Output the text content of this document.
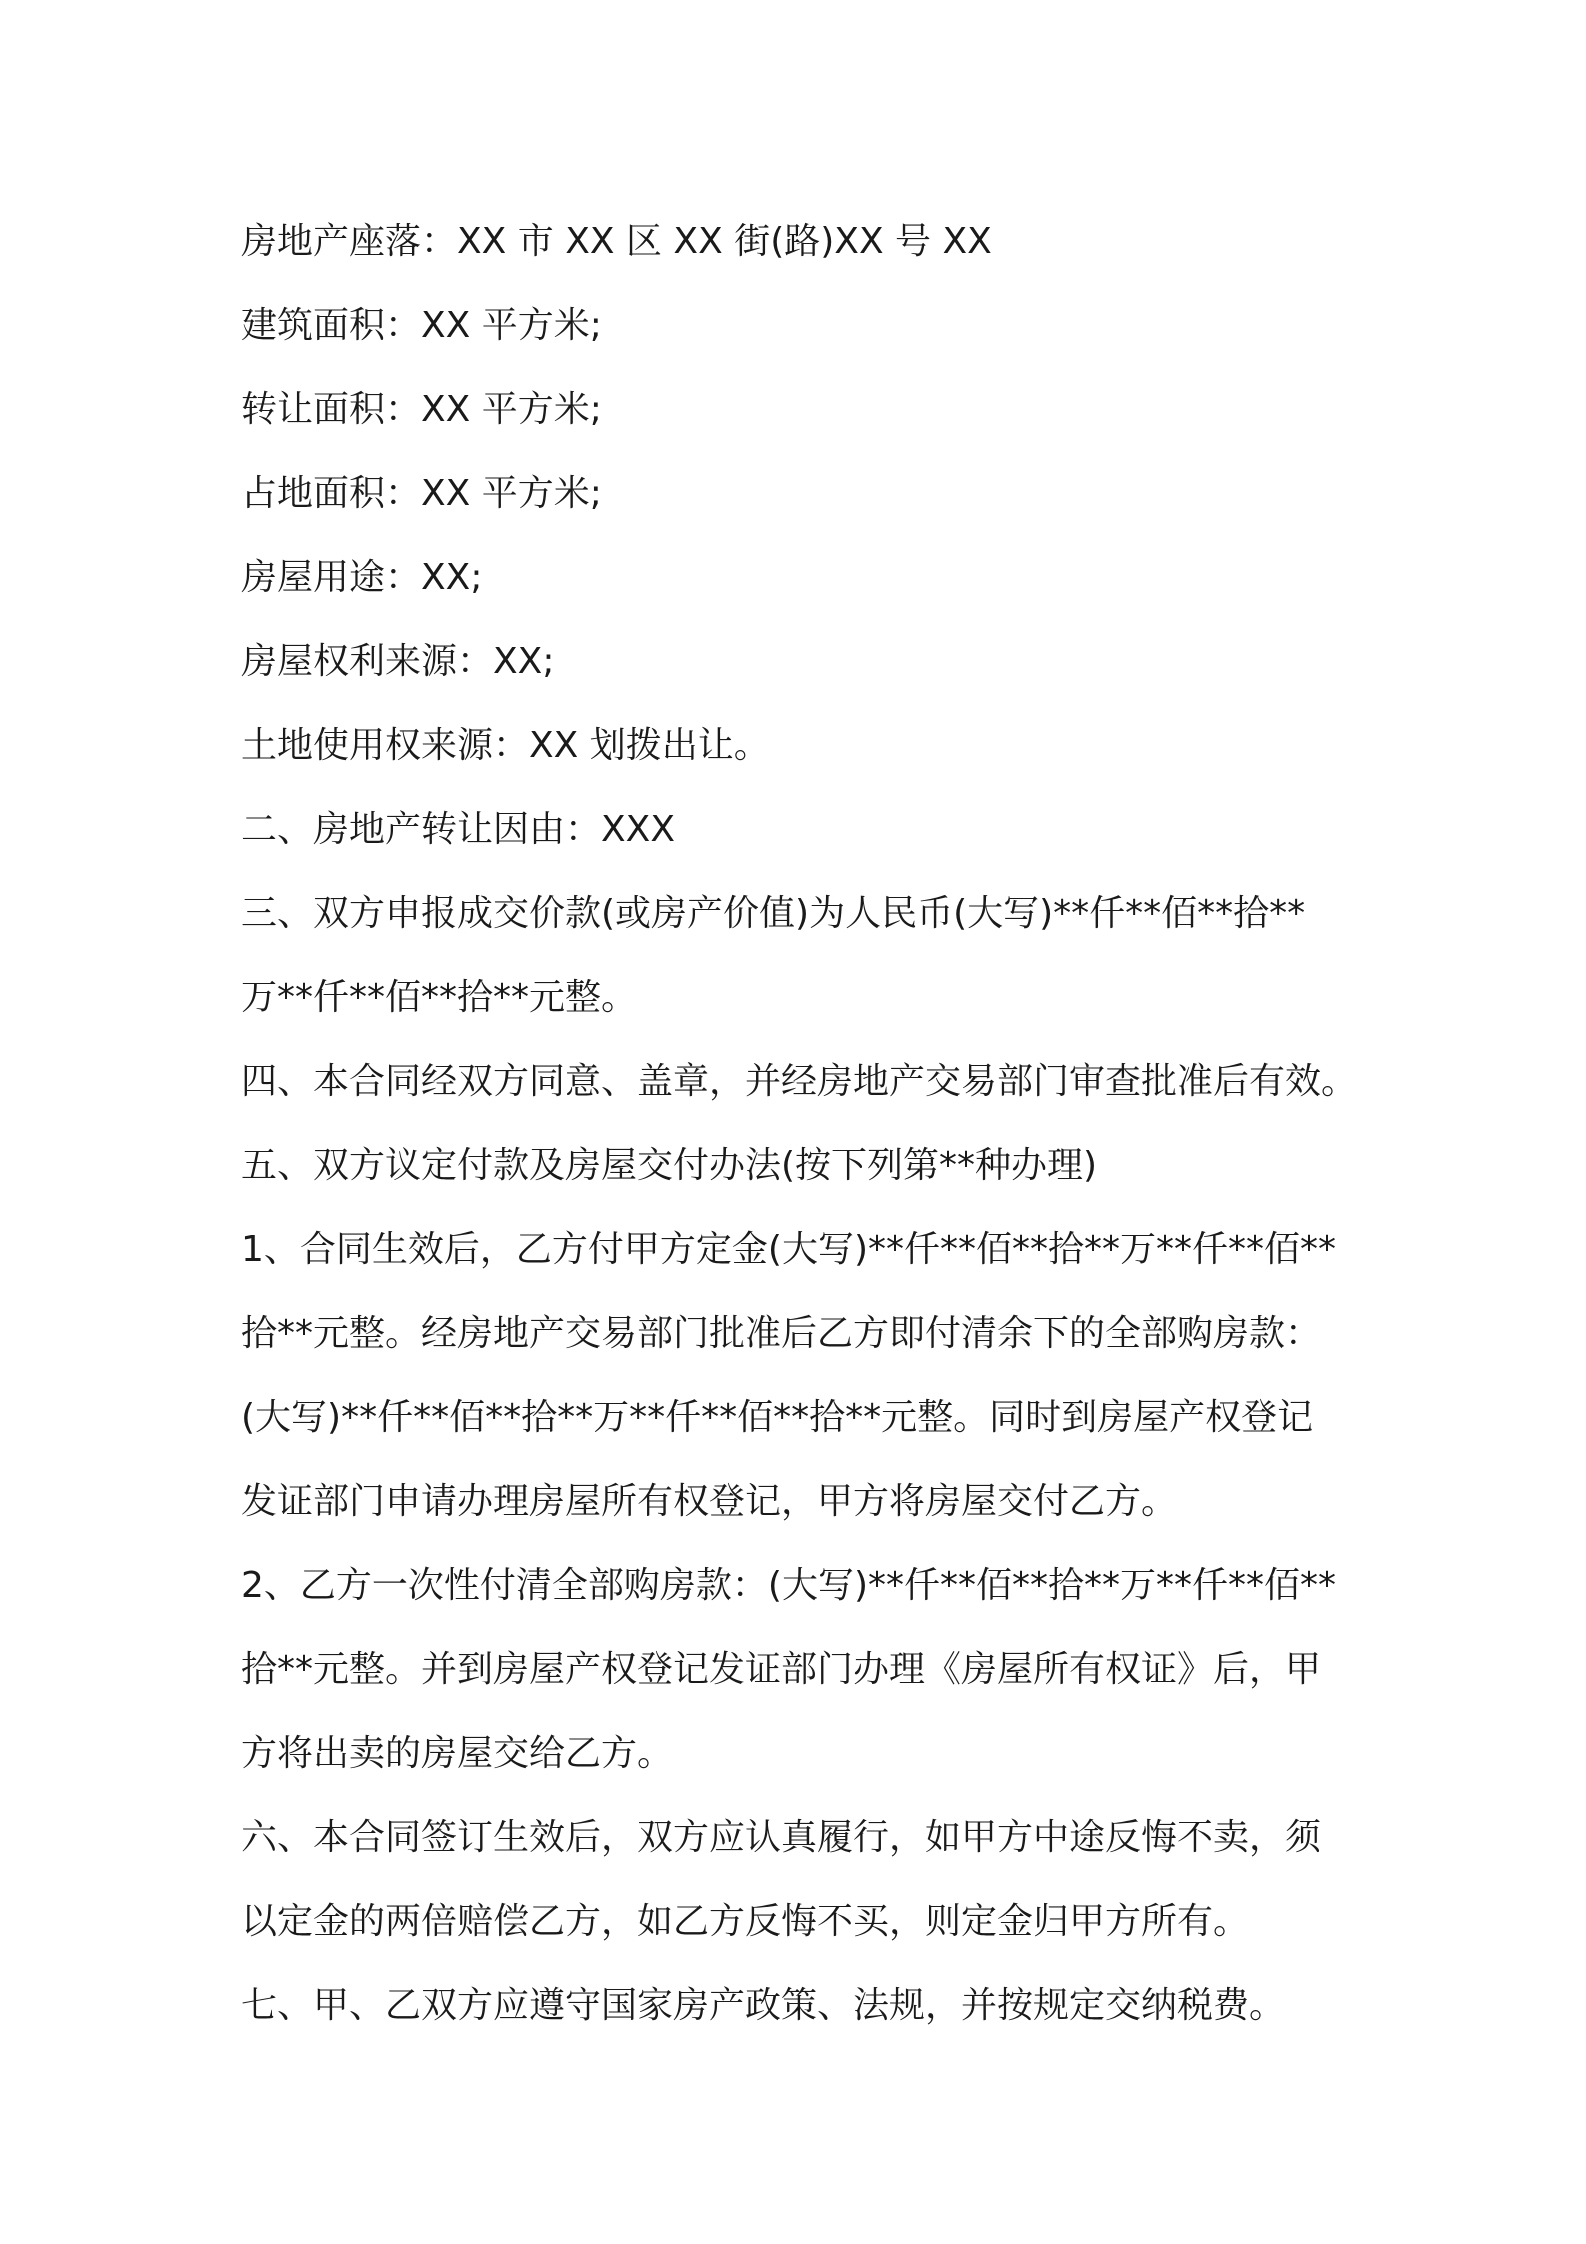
房地产座落：XX 市 XX 区 XX 街(路)XX 号 XX
建筑面积：XX 平方米;
转让面积：XX 平方米;
占地面积：XX 平方米;
房屋用途：XX;
房屋权利来源：XX;
土地使用权来源：XX 划拨出让。
二、房地产转让因由：XXX
三、双方申报成交价款(或房产价值)为人民币(大写)**仟**佰**拾**
万**仟**佰**拾**元整。
四、本合同经双方同意、盖章，并经房地产交易部门审查批准后有效。
五、双方议定付款及房屋交付办法(按下列第**种办理)
1、合同生效后，乙方付甲方定金(大写)**仟**佰**拾**万**仟**佰**
拾**元整。经房地产交易部门批准后乙方即付清余下的全部购房款：
(大写)**仟**佰**拾**万**仟**佰**拾**元整。同时到房屋产权登记
发证部门申请办理房屋所有权登记，甲方将房屋交付乙方。
2、乙方一次性付清全部购房款：(大写)**仟**佰**拾**万**仟**佰**
拾**元整。并到房屋产权登记发证部门办理《房屋所有权证》后，甲
方将出卖的房屋交给乙方。
六、本合同签订生效后，双方应认真履行，如甲方中途反悔不卖，须
以定金的两倍赔偿乙方，如乙方反悔不买，则定金归甲方所有。
七、甲、乙双方应遵守国家房产政策、法规，并按规定交纳税费。
